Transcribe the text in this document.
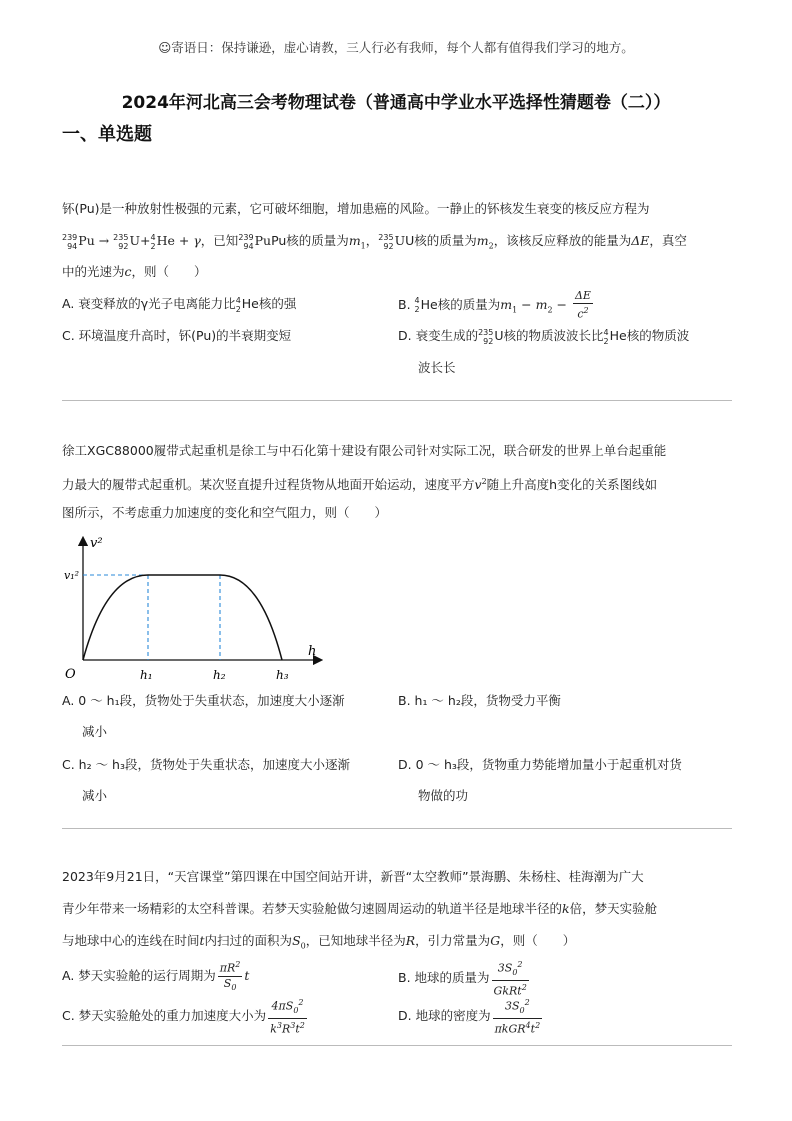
☺寄语日：保持谦逊，虚心请教，三人行必有我师，每个人都有值得我们学习的地方。
2024年河北高三会考物理试卷（普通高中学业水平选择性猜题卷（二））
一、单选题
钚(Pu)是一种放射性极强的元素，它可破坏细胞，增加患癌的风险。一静止的钚核发生衰变的核反应方程为
239
94Pu → 235
92U+4
2He + γ，已知239
94PuPu核的质量为$m_1$，235
92UU核的质量为$m_2$，该核反应释放的能量为ΔE，真空
中的光速为c，则（　　）
A. 衰变释放的γ光子电离能力比4
2He核的强	B. 4
2He核的质量为$m_1 - m_2 - \frac{\Delta E}{c^2}$
C. 环境温度升高时，钚(Pu)的半衰期变短	D. 衰变生成的235
92U核的物质波波长比4
2He核的物质波
波长长
徐工XGC88000履带式起重机是徐工与中石化第十建设有限公司针对实际工况，联合研发的世界上单台起重能
力最大的履带式起重机。某次竖直提升过程货物从地面开始运动，速度平方$v^2$随上升高度h变化的关系图线如
图所示，不考虑重力加速度的变化和空气阻力，则（　　）
v²
h
O
v₁²
h₁	h₂	h₃
A. 0 ～ h₁段，货物处于失重状态，加速度大小逐渐
减小
B. h₁ ～ h₂段，货物受力平衡
C. h₂ ～ h₃段，货物处于失重状态，加速度大小逐渐
减小
D. 0 ～ h₃段，货物重力势能增加量小于起重机对货
物做的功
2023年9月21日，“天宫课堂”第四课在中国空间站开讲，新晋“太空教师”景海鹏、朱杨柱、桂海潮为广大
青少年带来一场精彩的太空科普课。若梦天实验舱做匀速圆周运动的轨道半径是地球半径的k倍，梦天实验舱
与地球中心的连线在时间t内扫过的面积为$S_0$，已知地球半径为R，引力常量为G，则（　　）
A. 梦天实验舱的运行周期为 $\frac{\pi R^2}{S_0}$ t	B. 地球的质量为 $\frac{3S_0^2}{GkRt^2}$
C. 梦天实验舱处的重力加速度大小为 $\frac{4\pi S_0^2}{k^3R^3t^2}$	D. 地球的密度为 $\frac{3S_0^2}{\pi kGR^4t^2}$
